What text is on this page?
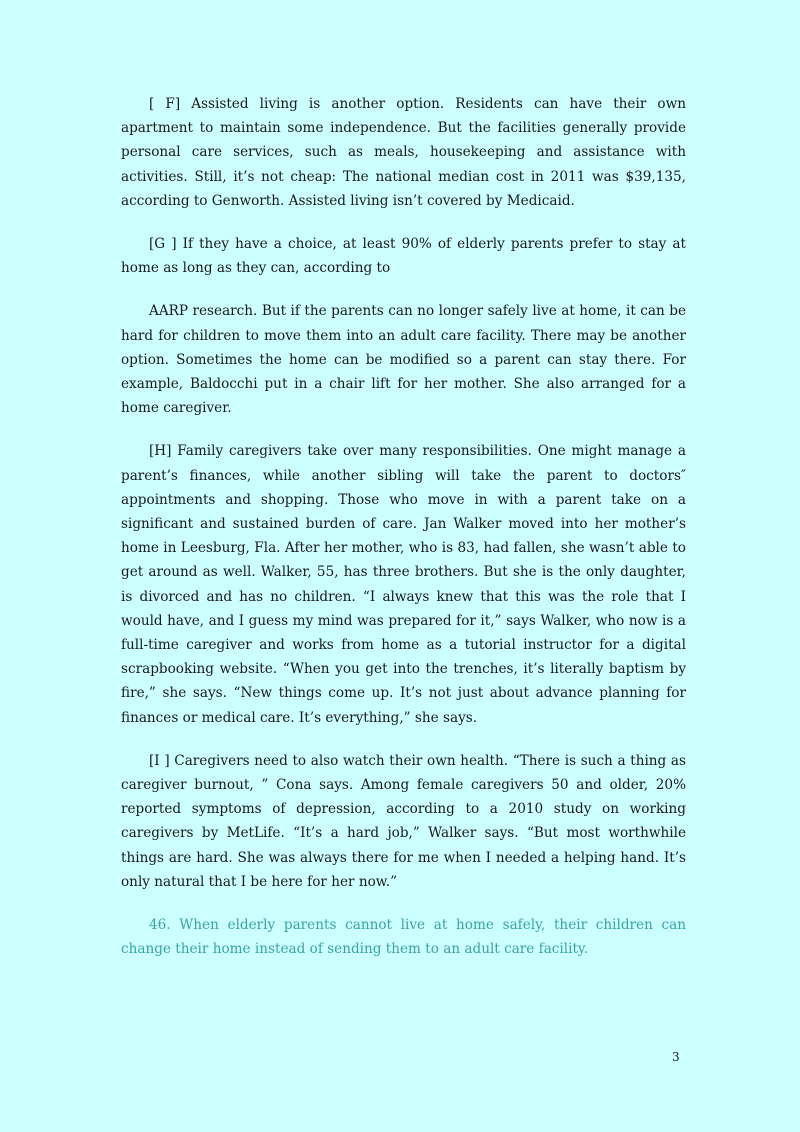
[ F] Assisted living is another option. Residents can have their own apartment to maintain some independence. But the facilities generally provide personal care services, such as meals, housekeeping and assistance with activities. Still, it’s not cheap: The national median cost in 2011 was $39,135, according to Genworth. Assisted living isn’t covered by Medicaid.

[G ] If they have a choice, at least 90% of elderly parents prefer to stay at home as long as they can, according to

AARP research. But if the parents can no longer safely live at home, it can be hard for children to move them into an adult care facility. There may be another option. Sometimes the home can be modified so a parent can stay there. For example, Baldocchi put in a chair lift for her mother. She also arranged for a home caregiver.

[H] Family caregivers take over many responsibilities. One might manage a parent’s finances, while another sibling will take the parent to doctors″ appointments and shopping. Those who move in with a parent take on a significant and sustained burden of care. Jan Walker moved into her mother’s home in Leesburg, Fla. After her mother, who is 83, had fallen, she wasn’t able to get around as well. Walker, 55, has three brothers. But she is the only daughter, is divorced and has no children. “I always knew that this was the role that I would have, and I guess my mind was prepared for it,” says Walker, who now is a full-time caregiver and works from home as a tutorial instructor for a digital scrapbooking website. “When you get into the trenches, it’s literally baptism by fire,” she says. “New things come up. It’s not just about advance planning for finances or medical care. It’s everything,” she says.

[I ] Caregivers need to also watch their own health. “There is such a thing as caregiver burnout, ” Cona says. Among female caregivers 50 and older, 20% reported symptoms of depression, according to a 2010 study on working caregivers by MetLife. “It’s a hard job,” Walker says. “But most worthwhile things are hard. She was always there for me when I needed a helping hand. It’s only natural that I be here for her now.”

46. When elderly parents cannot live at home safely, their children can change their home instead of sending them to an adult care facility.

3
